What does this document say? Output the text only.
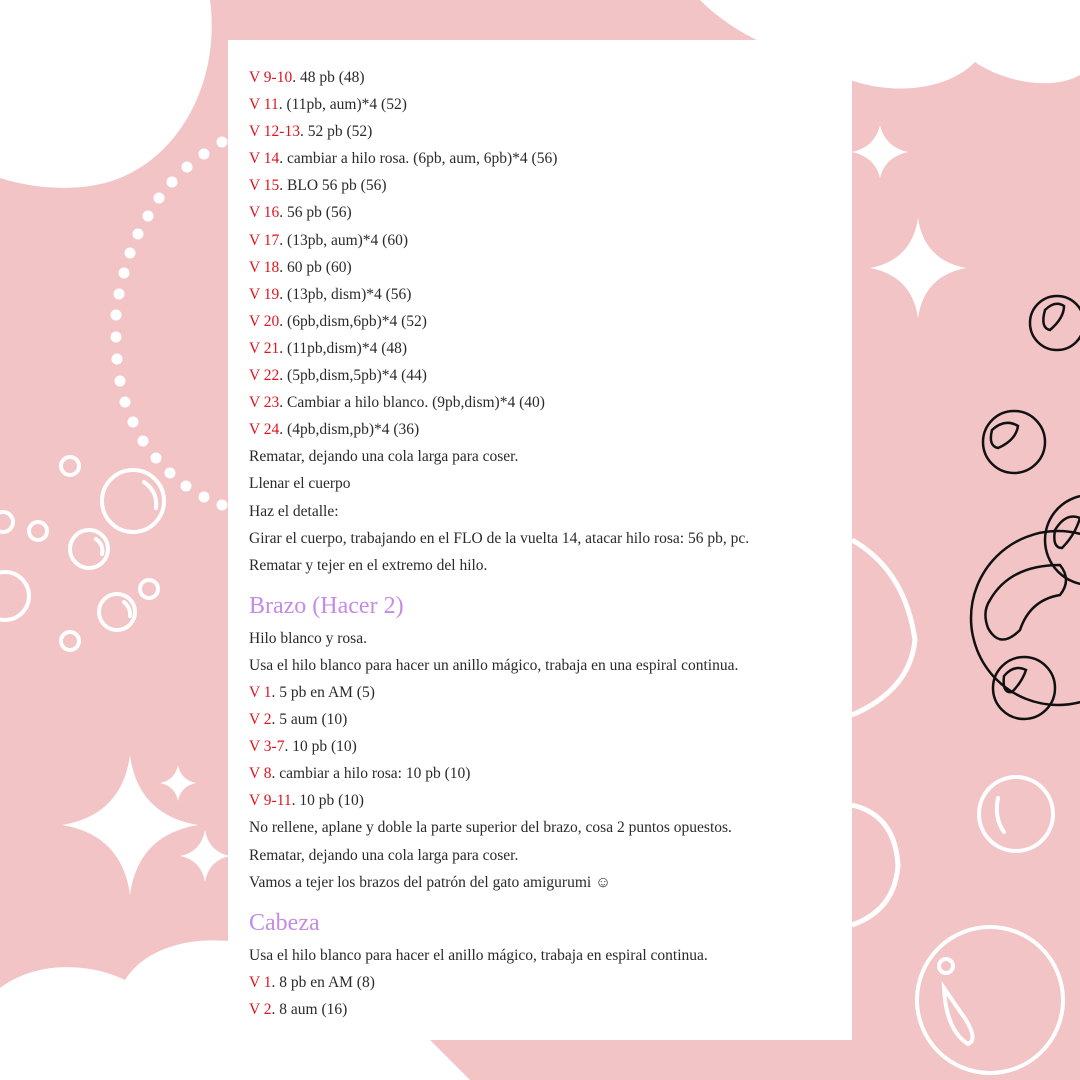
V 9-10. 48 pb (48)
V 11. (11pb, aum)*4 (52)
V 12-13. 52 pb (52)
V 14. cambiar a hilo rosa. (6pb, aum, 6pb)*4 (56)
V 15. BLO 56 pb (56)
V 16. 56 pb (56)
V 17. (13pb, aum)*4 (60)
V 18. 60 pb (60)
V 19. (13pb, dism)*4 (56)
V 20. (6pb,dism,6pb)*4 (52)
V 21. (11pb,dism)*4 (48)
V 22. (5pb,dism,5pb)*4 (44)
V 23. Cambiar a hilo blanco. (9pb,dism)*4 (40)
V 24. (4pb,dism,pb)*4 (36)
Rematar, dejando una cola larga para coser.
Llenar el cuerpo
Haz el detalle:
Girar el cuerpo, trabajando en el FLO de la vuelta 14, atacar hilo rosa: 56 pb, pc.
Rematar y tejer en el extremo del hilo.
Brazo (Hacer 2)
Hilo blanco y rosa.
Usa el hilo blanco para hacer un anillo mágico, trabaja en una espiral continua.
V 1. 5 pb en AM (5)
V 2. 5 aum (10)
V 3-7. 10 pb (10)
V 8. cambiar a hilo rosa: 10 pb (10)
V 9-11. 10 pb (10)
No rellene, aplane y doble la parte superior del brazo, cosa 2 puntos opuestos.
Rematar, dejando una cola larga para coser.
Vamos a tejer los brazos del patrón del gato amigurumi ☺
Cabeza
Usa el hilo blanco para hacer el anillo mágico, trabaja en espiral continua.
V 1. 8 pb en AM (8)
V 2. 8 aum (16)
